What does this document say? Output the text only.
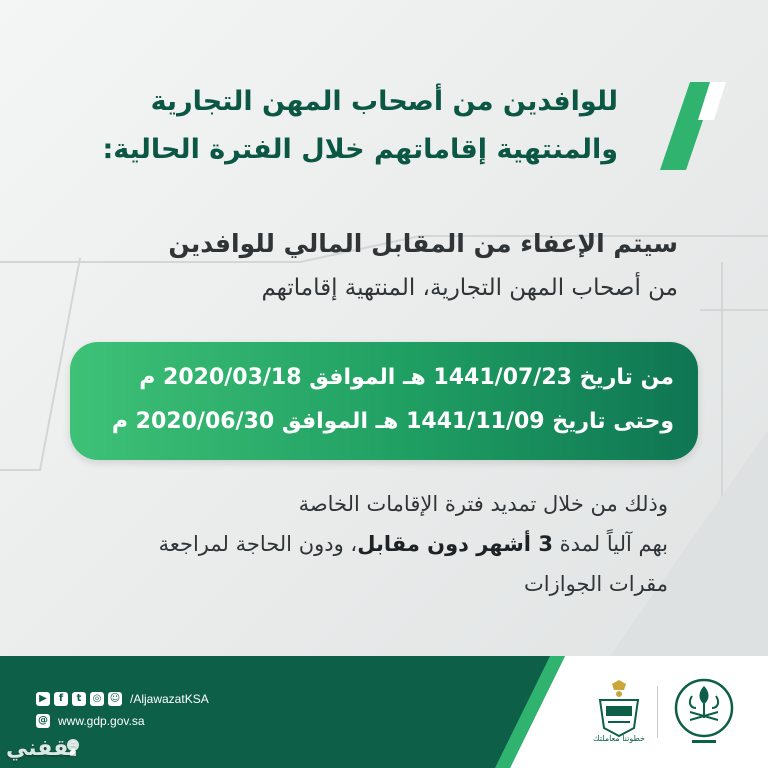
للوافدين من أصحاب المهن التجارية
والمنتهية إقاماتهم خلال الفترة الحالية:
سيتم الإعفاء من المقابل المالي للوافدين
من أصحاب المهن التجارية، المنتهية إقاماتهم
من تاريخ 1441/07/23 هـ الموافق 2020/03/18 م
وحتى تاريخ 1441/11/09 هـ الموافق 2020/06/30 م
وذلك من خلال تمديد فترة الإقامات الخاصة
بهم آلياً لمدة 3 أشهر دون مقابل، ودون الحاجة لمراجعة
مقرات الجوازات
▶	f	t	◎ ☺ /AljawazatKSA
@ www.gdp.gov.sa
ثقفني	خطوتنا معاملتك
